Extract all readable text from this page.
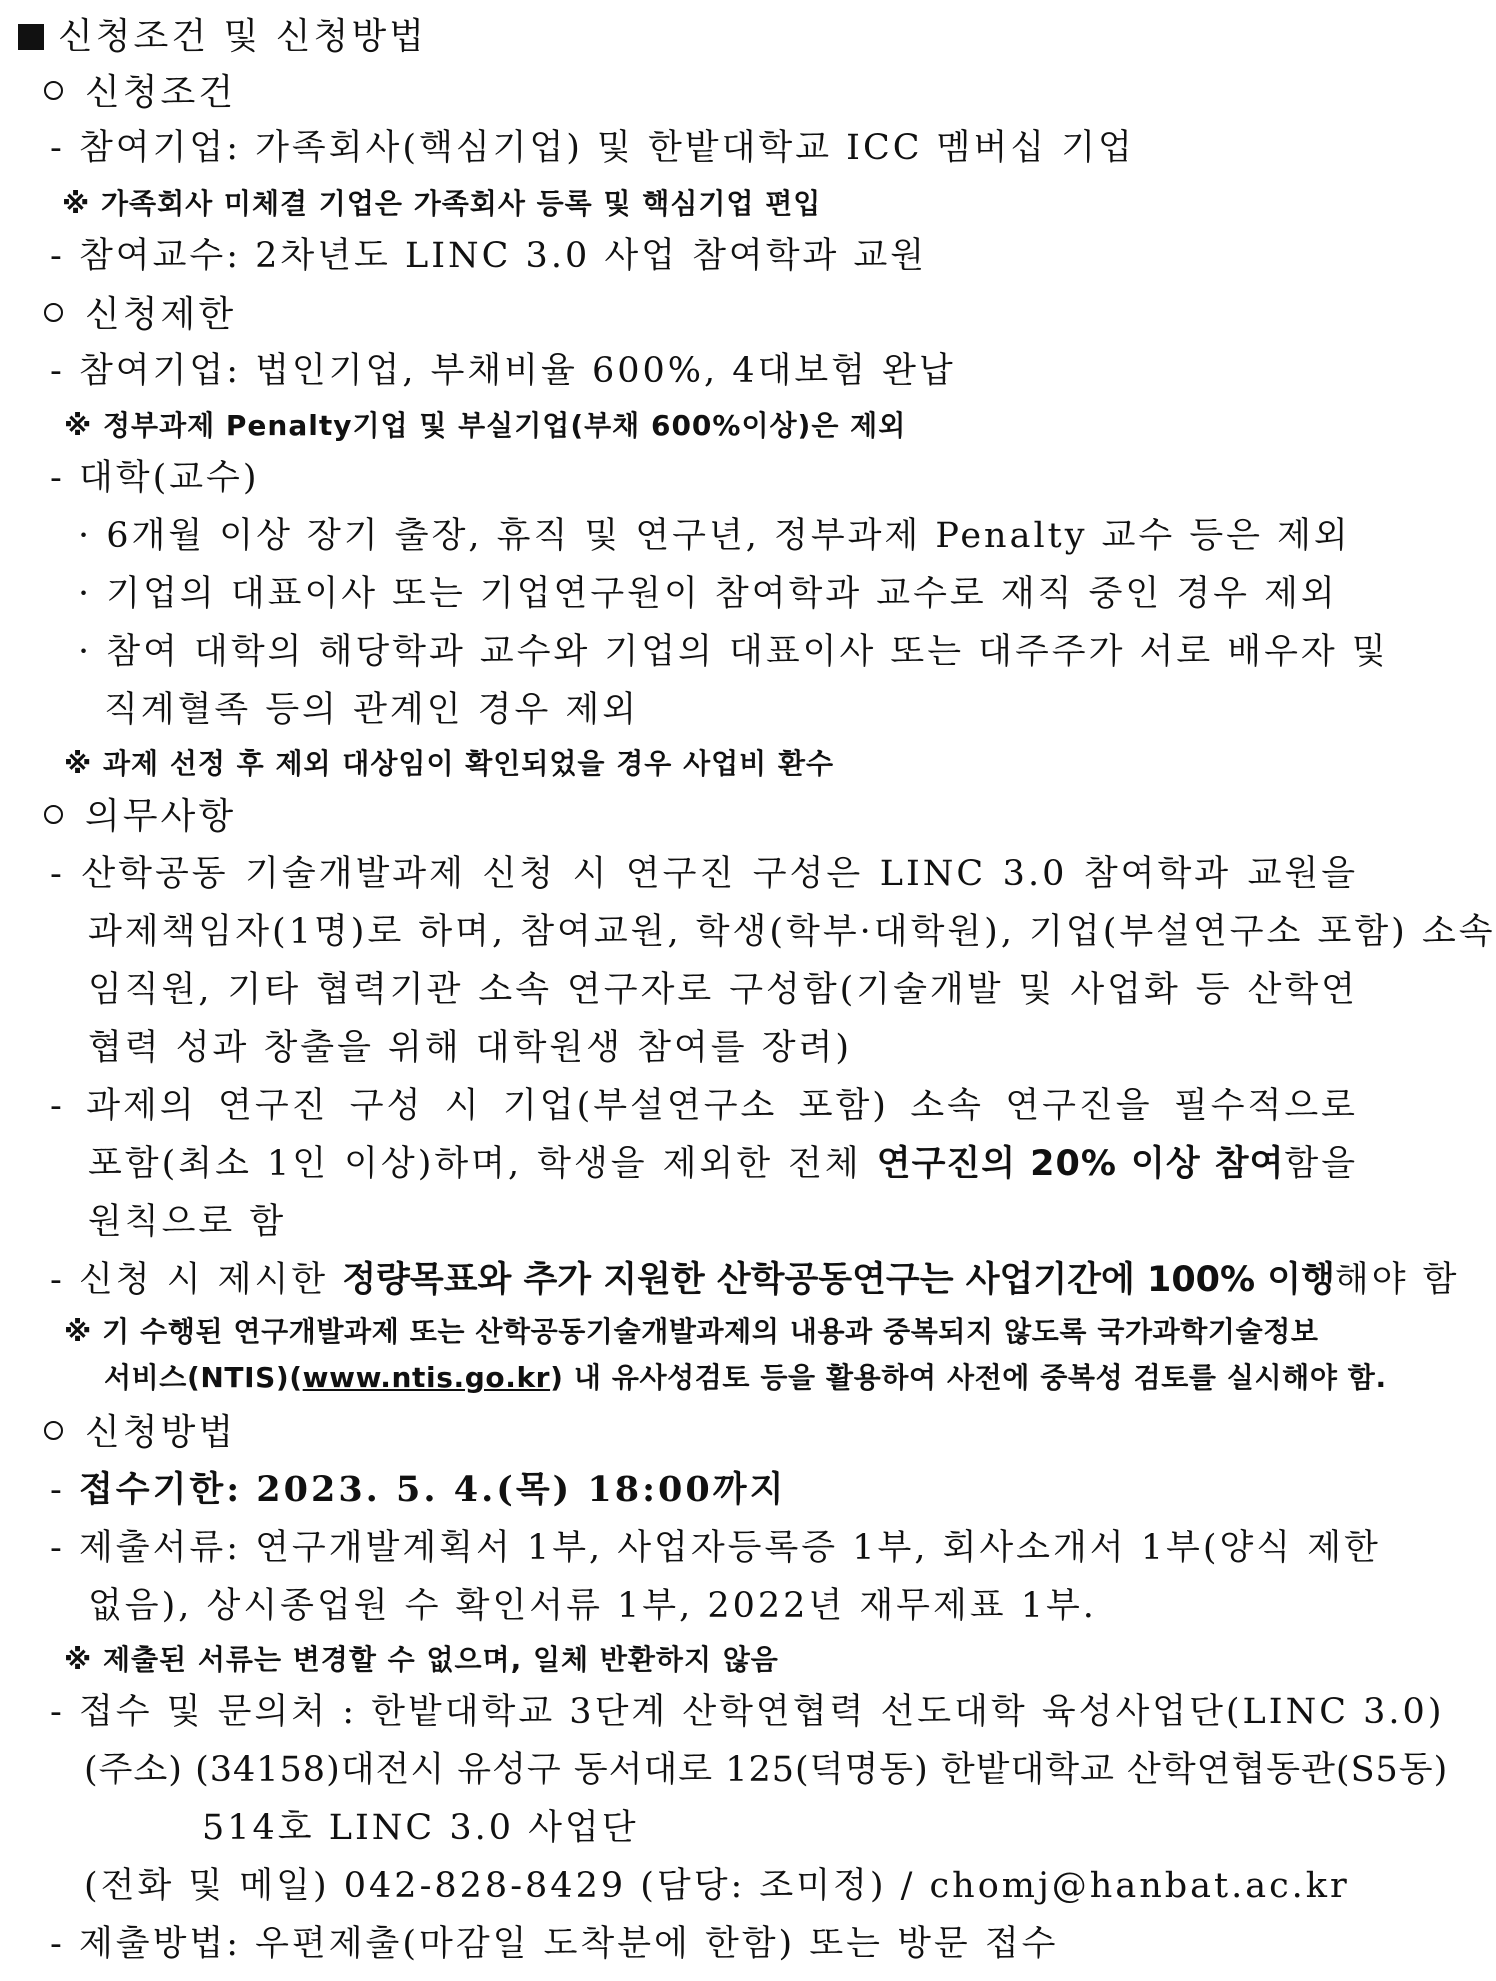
신청조건 및 신청방법
신청조건
- 참여기업: 가족회사(핵심기업) 및 한밭대학교 ICC 멤버십 기업
※ 가족회사 미체결 기업은 가족회사 등록 및 핵심기업 편입
- 참여교수: 2차년도 LINC 3.0 사업 참여학과 교원
신청제한
- 참여기업: 법인기업, 부채비율 600%, 4대보험 완납
※ 정부과제 Penalty기업 및 부실기업(부채 600%이상)은 제외
- 대학(교수)
· 6개월 이상 장기 출장, 휴직 및 연구년, 정부과제 Penalty 교수 등은 제외
· 기업의 대표이사 또는 기업연구원이 참여학과 교수로 재직 중인 경우 제외
· 참여 대학의 해당학과 교수와 기업의 대표이사 또는 대주주가 서로 배우자 및
직계혈족 등의 관계인 경우 제외
※ 과제 선정 후 제외 대상임이 확인되었을 경우 사업비 환수
의무사항
- 산학공동 기술개발과제 신청 시 연구진 구성은 LINC 3.0 참여학과 교원을
과제책임자(1명)로 하며, 참여교원, 학생(학부·대학원), 기업(부설연구소 포함) 소속
임직원, 기타 협력기관 소속 연구자로 구성함(기술개발 및 사업화 등 산학연
협력 성과 창출을 위해 대학원생 참여를 장려)
- 과제의 연구진 구성 시 기업(부설연구소 포함) 소속 연구진을 필수적으로
포함(최소 1인 이상)하며, 학생을 제외한 전체 연구진의 20% 이상 참여함을
원칙으로 함
- 신청 시 제시한 정량목표와 추가 지원한 산학공동연구는 사업기간에 100% 이행해야 함
※ 기 수행된 연구개발과제 또는 산학공동기술개발과제의 내용과 중복되지 않도록 국가과학기술정보
서비스(NTIS)(www.ntis.go.kr) 내 유사성검토 등을 활용하여 사전에 중복성 검토를 실시해야 함.
신청방법
- 접수기한: 2023. 5. 4.(목) 18:00까지
- 제출서류: 연구개발계획서 1부, 사업자등록증 1부, 회사소개서 1부(양식 제한
없음), 상시종업원 수 확인서류 1부, 2022년 재무제표 1부.
※ 제출된 서류는 변경할 수 없으며, 일체 반환하지 않음
- 접수 및 문의처 : 한밭대학교 3단계 산학연협력 선도대학 육성사업단(LINC 3.0)
(주소) (34158)대전시 유성구 동서대로 125(덕명동) 한밭대학교 산학연협동관(S5동)
514호 LINC 3.0 사업단
(전화 및 메일) 042-828-8429 (담당: 조미정) / chomj@hanbat.ac.kr
- 제출방법: 우편제출(마감일 도착분에 한함) 또는 방문 접수
